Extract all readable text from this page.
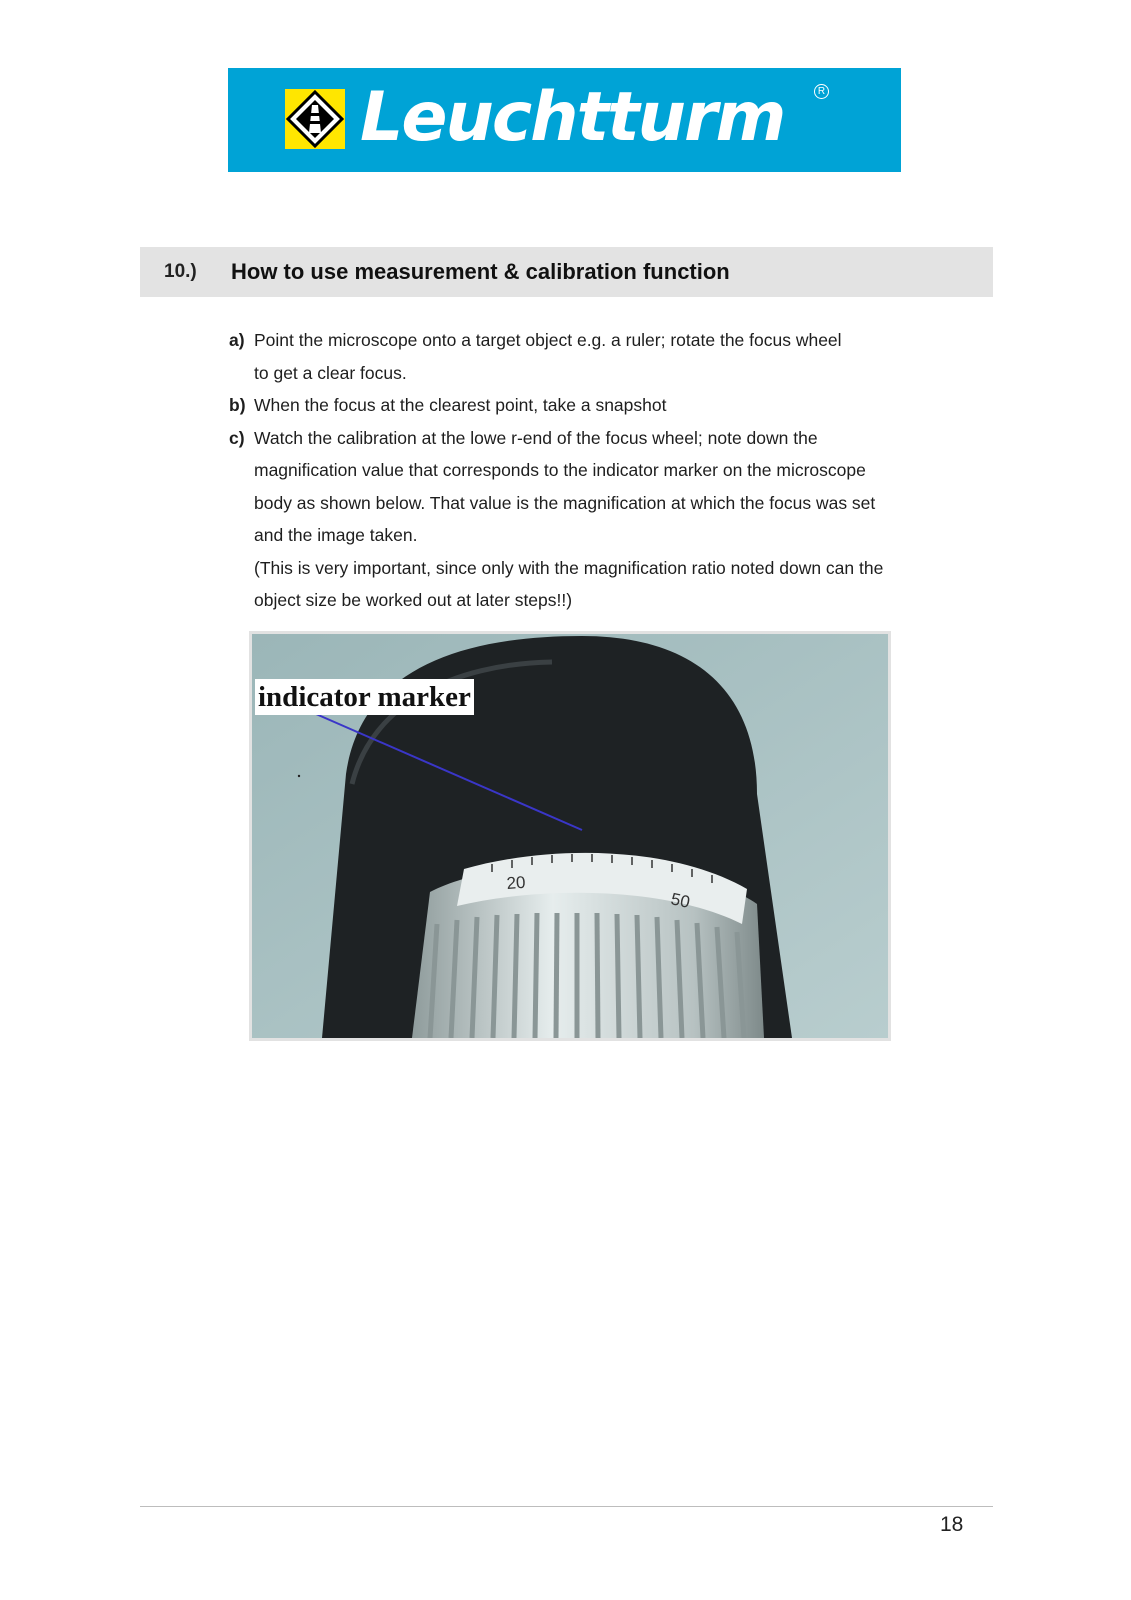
Leuchtturm	R
10.) How to use measurement & calibration function
a) Point the microscope onto a target object e.g. a ruler; rotate the focus wheel
to get a clear focus.
b) When the focus at the clearest point, take a snapshot
c) Watch the calibration at the lowe r-end of the focus wheel; note down the
magnification value that corresponds to the indicator marker on the microscope
body as shown below. That value is the magnification at which the focus was set
and the image taken.
(This is very important, since only with the magnification ratio noted down can the
object size be worked out at later steps!!)
20
50
indicator marker
18
